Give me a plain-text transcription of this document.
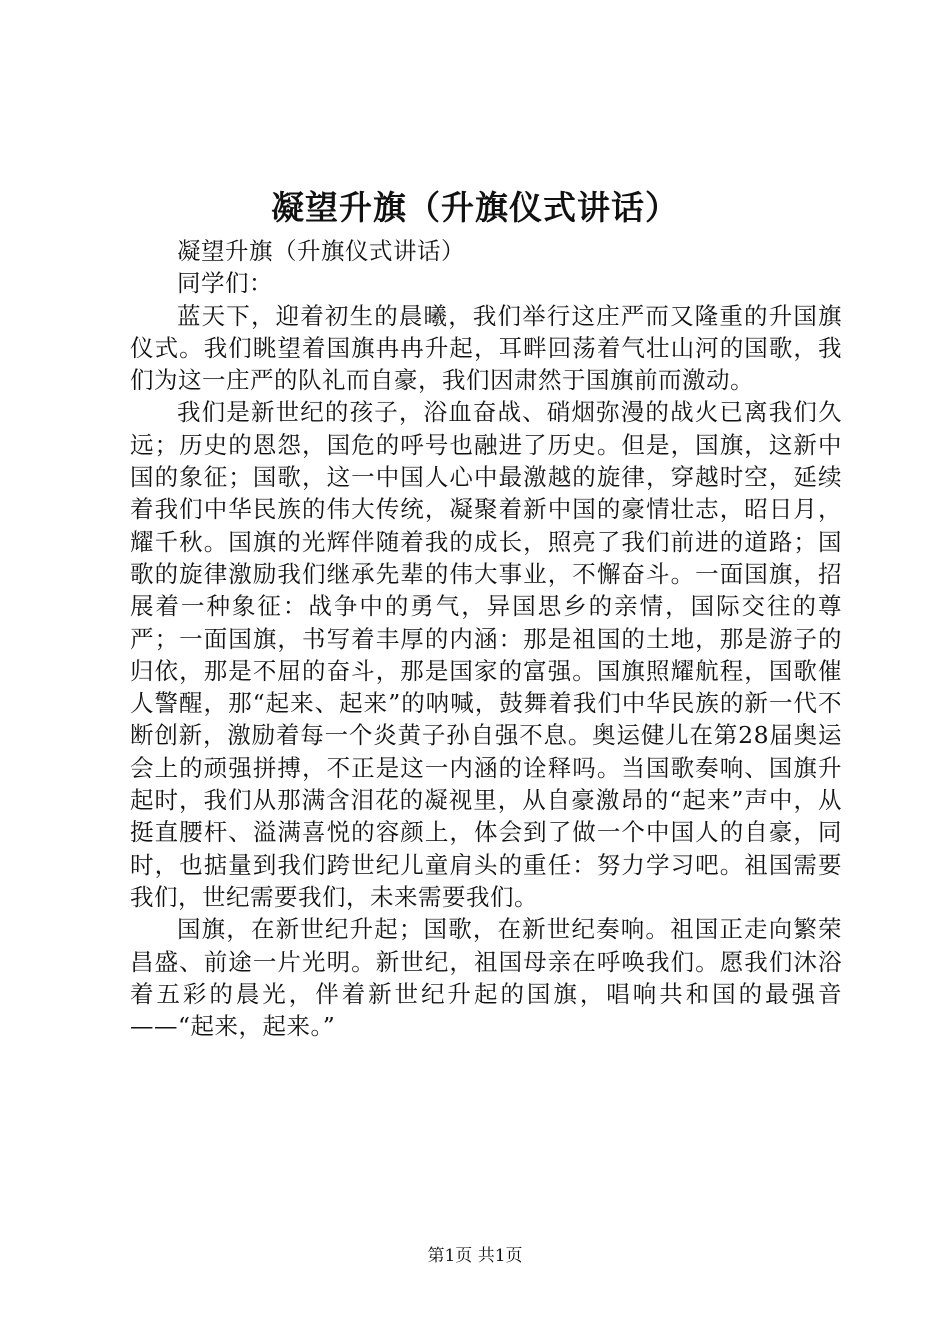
凝望升旗（升旗仪式讲话）

凝望升旗（升旗仪式讲话）

同学们：

蓝天下，迎着初生的晨曦，我们举行这庄严而又隆重的升国旗仪式。我们眺望着国旗冉冉升起，耳畔回荡着气壮山河的国歌，我们为这一庄严的队礼而自豪，我们因肃然于国旗前而激动。

我们是新世纪的孩子，浴血奋战、硝烟弥漫的战火已离我们久远；历史的恩怨，国危的呼号也融进了历史。但是，国旗，这新中国的象征；国歌，这一中国人心中最激越的旋律，穿越时空，延续着我们中华民族的伟大传统，凝聚着新中国的豪情壮志，昭日月，耀千秋。国旗的光辉伴随着我的成长，照亮了我们前进的道路；国歌的旋律激励我们继承先辈的伟大事业，不懈奋斗。一面国旗，招展着一种象征：战争中的勇气，异国思乡的亲情，国际交往的尊严；一面国旗，书写着丰厚的内涵：那是祖国的土地，那是游子的归依，那是不屈的奋斗，那是国家的富强。国旗照耀航程，国歌催人警醒，那“起来、起来”的呐喊，鼓舞着我们中华民族的新一代不断创新，激励着每一个炎黄子孙自强不息。奥运健儿在第28届奥运会上的顽强拼搏，不正是这一内涵的诠释吗。当国歌奏响、国旗升起时，我们从那满含泪花的凝视里，从自豪激昂的“起来”声中，从挺直腰杆、溢满喜悦的容颜上，体会到了做一个中国人的自豪，同时，也掂量到我们跨世纪儿童肩头的重任：努力学习吧。祖国需要我们，世纪需要我们，未来需要我们。

国旗，在新世纪升起；国歌，在新世纪奏响。祖国正走向繁荣昌盛、前途一片光明。新世纪，祖国母亲在呼唤我们。愿我们沐浴着五彩的晨光，伴着新世纪升起的国旗，唱响共和国的最强音——“起来，起来。”

第1页 共1页
